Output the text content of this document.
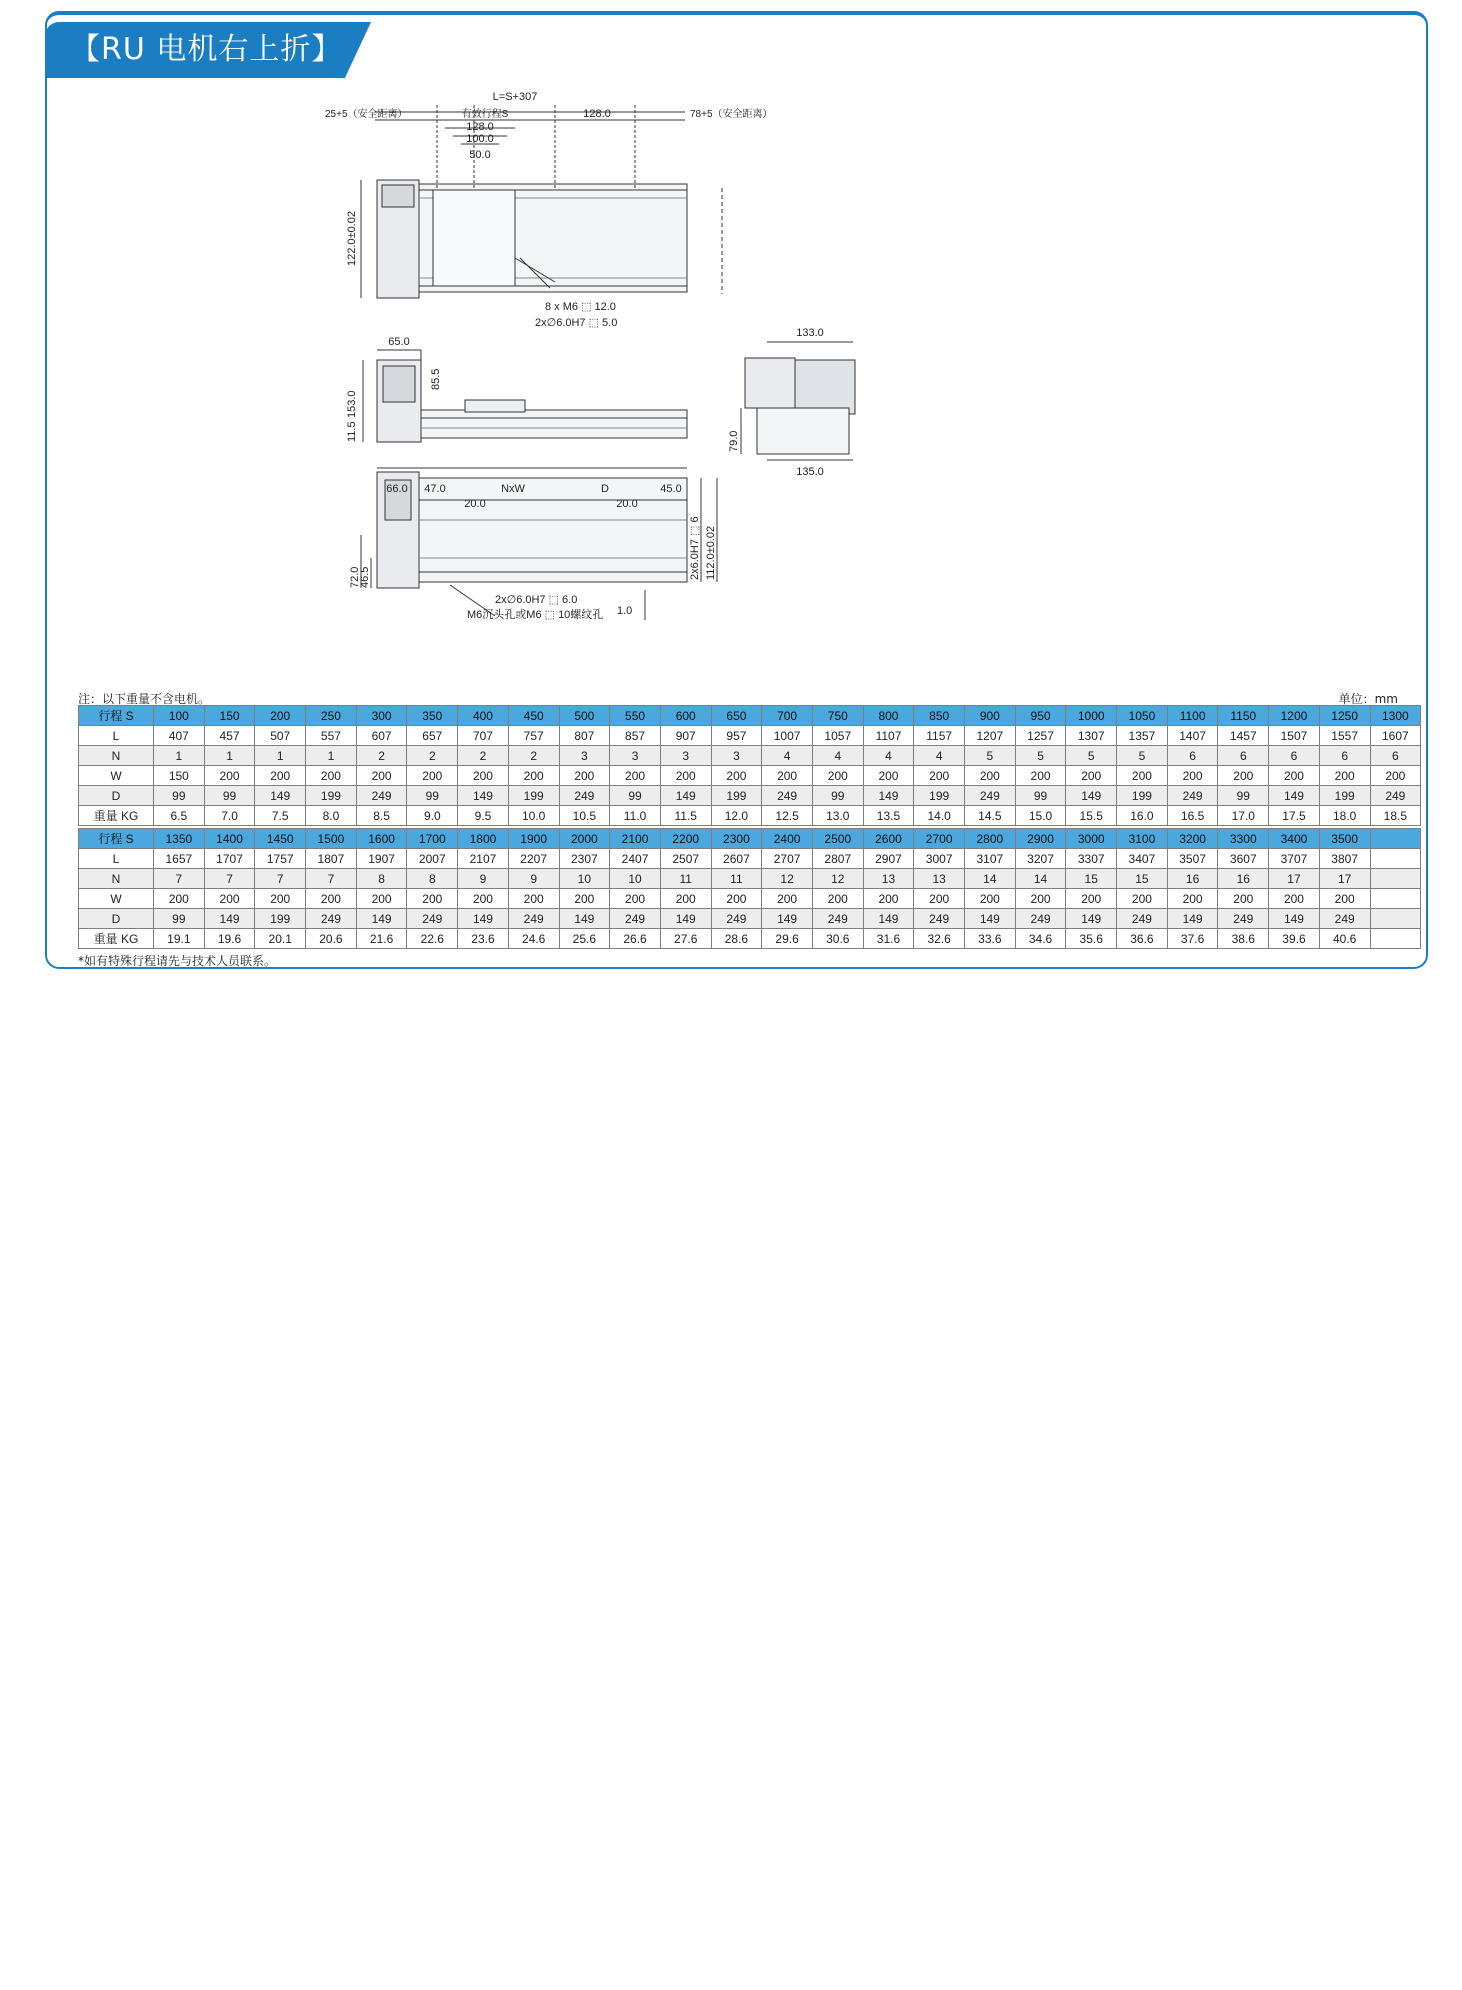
【RU 电机右上折】
L=S+307
25+5（安全距离）	有效行程S	128.0	78+5（安全距离）
128.0
100.0
50.0
122.0±0.02
8 x M6 ⬚ 12.0
2x∅6.0H7 ⬚ 5.0
65.0
85.5
153.0
11.5
133.0
79.0
135.0
66.0 47.0	NxW	D	45.0
20.0	20.0
2x6.0H7 ⬚ 6 112.0±0.02
72.0
46.5
2x∅6.0H7 ⬚ 6.0
M6沉头孔或M6 ⬚ 10螺纹孔 1.0
注：以下重量不含电机。	单位：mm
行程 S	100	150	200	250	300	350	400	450	500	550	600	650	700	750	800	850	900	950	1000	1050	1100	1150	1200	1250	1300
L	407	457	507	557	607	657	707	757	807	857	907	957	1007	1057	1107	1157	1207	1257	1307	1357	1407	1457	1507	1557	1607
N	1	1	1	1	2	2	2	2	3	3	3	3	4	4	4	4	5	5	5	5	6	6	6	6	6
W	150	200	200	200	200	200	200	200	200	200	200	200	200	200	200	200	200	200	200	200	200	200	200	200	200
D	99	99	149	199	249	99	149	199	249	99	149	199	249	99	149	199	249	99	149	199	249	99	149	199	249
重量 KG	6.5	7.0	7.5	8.0	8.5	9.0	9.5	10.0	10.5	11.0	11.5	12.0	12.5	13.0	13.5	14.0	14.5	15.0	15.5	16.0	16.5	17.0	17.5	18.0	18.5
行程 S	1350	1400	1450	1500	1600	1700	1800	1900	2000	2100	2200	2300	2400	2500	2600	2700	2800	2900	3000	3100	3200	3300	3400	3500	
L	1657	1707	1757	1807	1907	2007	2107	2207	2307	2407	2507	2607	2707	2807	2907	3007	3107	3207	3307	3407	3507	3607	3707	3807	
N	7	7	7	7	8	8	9	9	10	10	11	11	12	12	13	13	14	14	15	15	16	16	17	17	
W	200	200	200	200	200	200	200	200	200	200	200	200	200	200	200	200	200	200	200	200	200	200	200	200	
D	99	149	199	249	149	249	149	249	149	249	149	249	149	249	149	249	149	249	149	249	149	249	149	249	
重量 KG	19.1	19.6	20.1	20.6	21.6	22.6	23.6	24.6	25.6	26.6	27.6	28.6	29.6	30.6	31.6	32.6	33.6	34.6	35.6	36.6	37.6	38.6	39.6	40.6	
*如有特殊行程请先与技术人员联系。
